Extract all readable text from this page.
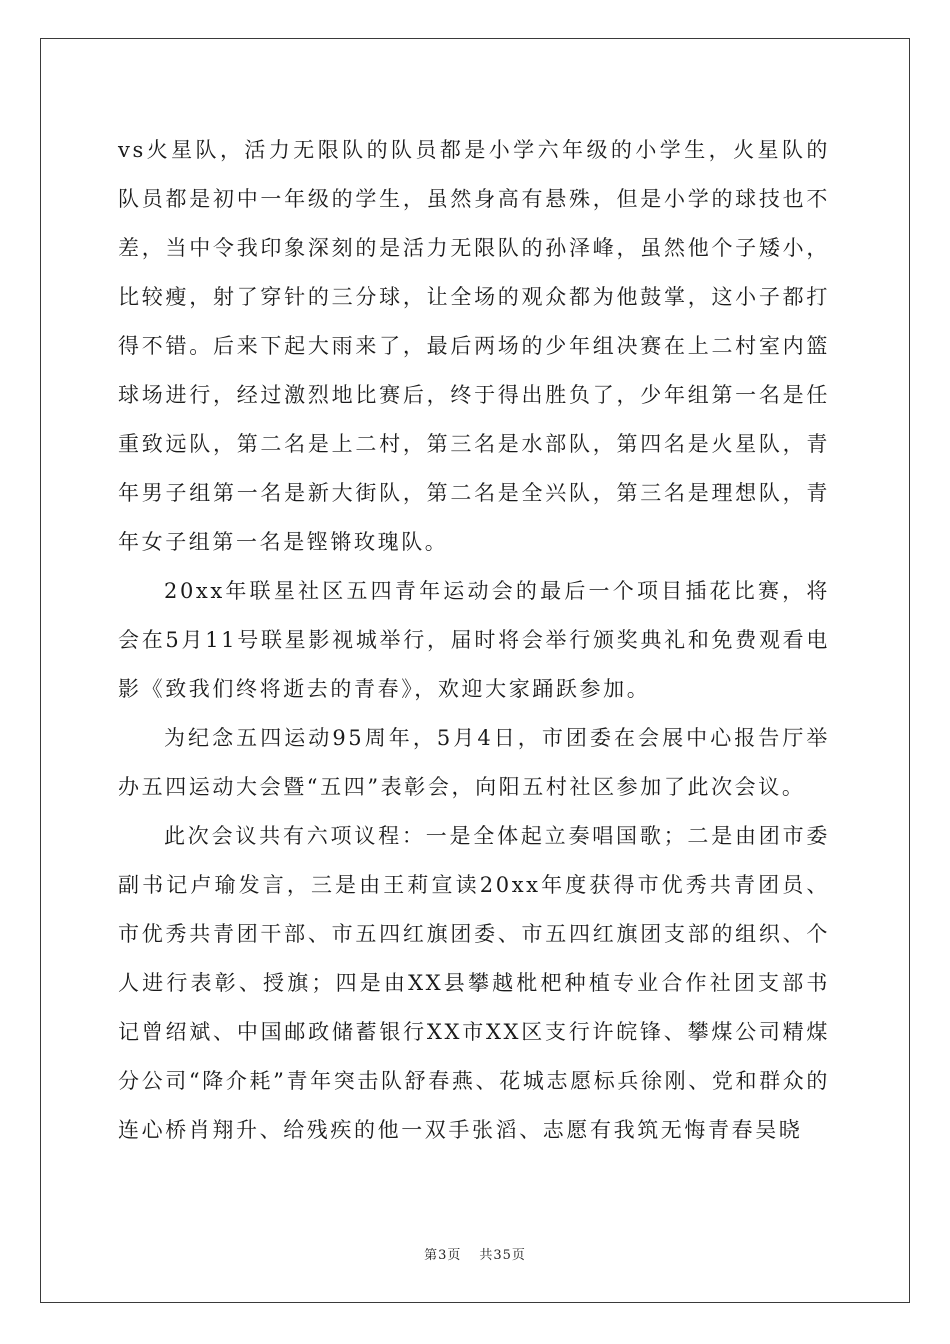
vs火星队，活力无限队的队员都是小学六年级的小学生，火星队的队员都是初中一年级的学生，虽然身高有悬殊，但是小学的球技也不差，当中令我印象深刻的是活力无限队的孙泽峰，虽然他个子矮小，比较瘦，射了穿针的三分球，让全场的观众都为他鼓掌，这小子都打得不错。后来下起大雨来了，最后两场的少年组决赛在上二村室内篮球场进行，经过激烈地比赛后，终于得出胜负了，少年组第一名是任重致远队，第二名是上二村，第三名是水部队，第四名是火星队，青年男子组第一名是新大街队，第二名是全兴队，第三名是理想队，青年女子组第一名是铿锵玫瑰队。

20xx年联星社区五四青年运动会的最后一个项目插花比赛，将会在5月11号联星影视城举行，届时将会举行颁奖典礼和免费观看电影《致我们终将逝去的青春》，欢迎大家踊跃参加。

为纪念五四运动95周年，5月4日，市团委在会展中心报告厅举办五四运动大会暨“五四”表彰会，向阳五村社区参加了此次会议。

此次会议共有六项议程：一是全体起立奏唱国歌；二是由团市委副书记卢瑜发言，三是由王莉宣读20xx年度获得市优秀共青团员、市优秀共青团干部、市五四红旗团委、市五四红旗团支部的组织、个人进行表彰、授旗；四是由XX县攀越枇杷种植专业合作社团支部书记曾绍斌、中国邮政储蓄银行XX市XX区支行许皖锋、攀煤公司精煤分公司“降介耗”青年突击队舒春燕、花城志愿标兵徐刚、党和群众的连心桥肖翔升、给残疾的他一双手张滔、志愿有我筑无悔青春吴晓

第3页 共35页
